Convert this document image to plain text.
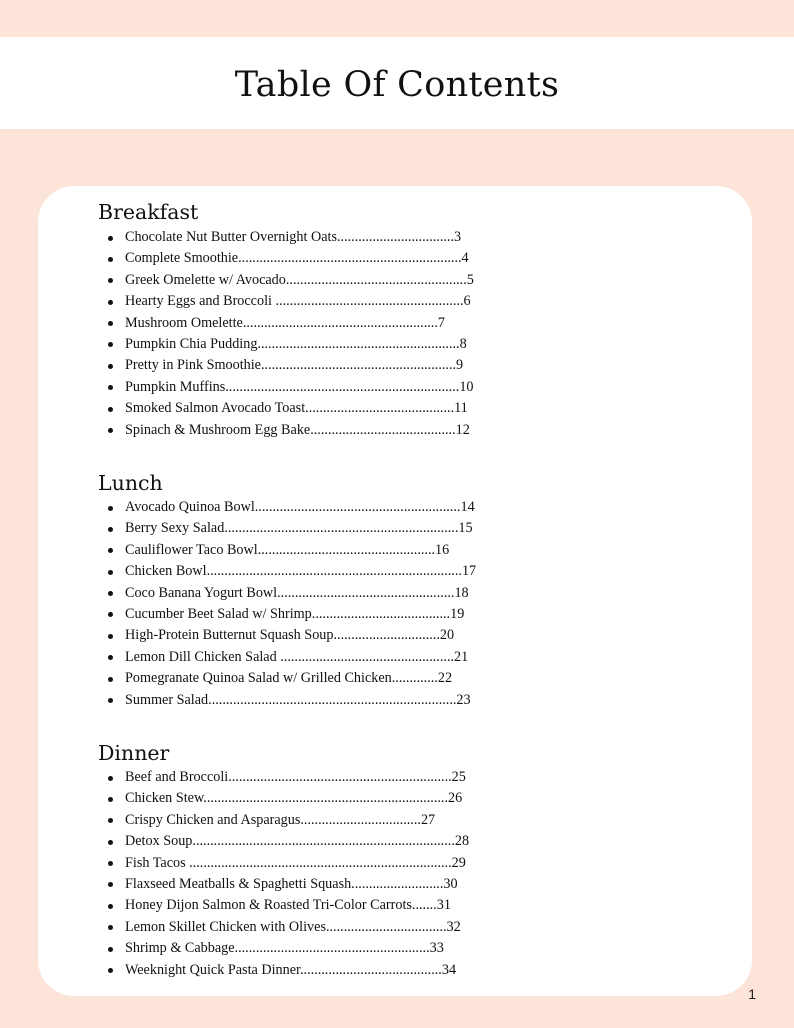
Table Of Contents
Breakfast
Chocolate Nut Butter Overnight Oats.................................3
Complete Smoothie...............................................................4
Greek Omelette w/ Avocado...................................................5
Hearty Eggs and Broccoli .....................................................6
Mushroom Omelette.......................................................7
Pumpkin Chia Pudding.........................................................8
Pretty in Pink Smoothie.......................................................9
Pumpkin Muffins..................................................................10
Smoked Salmon Avocado Toast..........................................11
Spinach & Mushroom Egg Bake.........................................12
Lunch
Avocado Quinoa Bowl..........................................................14
Berry Sexy Salad..................................................................15
Cauliflower Taco Bowl..................................................16
Chicken Bowl........................................................................17
Coco Banana Yogurt Bowl..................................................18
Cucumber Beet Salad w/ Shrimp.......................................19
High-Protein Butternut Squash Soup..............................20
Lemon Dill Chicken Salad .................................................21
Pomegranate Quinoa Salad w/ Grilled Chicken.............22
Summer Salad......................................................................23
Dinner
Beef and Broccoli...............................................................25
Chicken Stew.....................................................................26
Crispy Chicken and Asparagus..................................27
Detox Soup..........................................................................28
Fish Tacos ..........................................................................29
Flaxseed Meatballs & Spaghetti Squash..........................30
Honey Dijon Salmon & Roasted Tri-Color Carrots.......31
Lemon Skillet Chicken with Olives..................................32
Shrimp & Cabbage.......................................................33
Weeknight Quick Pasta Dinner........................................34
1
